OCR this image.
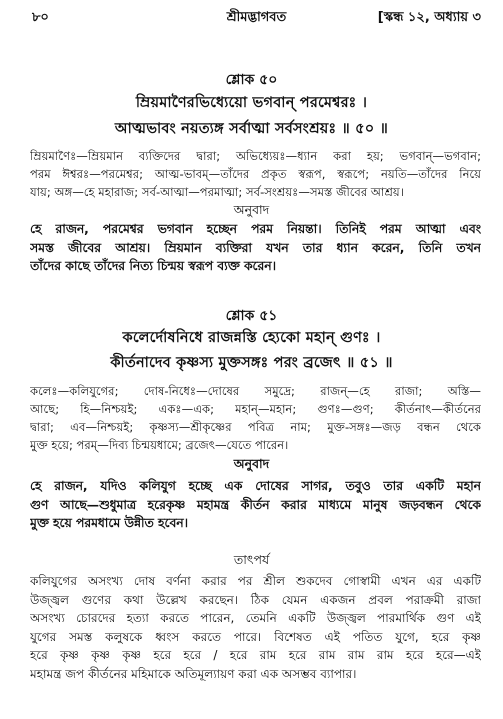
৮০	শ্রীমদ্ভাগবত	[স্কন্ধ ১২, অধ্যায় ৩
শ্লোক ৫০
ম্রিয়মাণৈরভিধ্যেয়ো ভগবান্ পরমেশ্বরঃ ।
আত্মভাবং নয়ত্যঙ্গ সর্বাত্মা সর্বসংশ্রয়ঃ ॥ ৫০ ॥
ম্রিয়মাণৈঃ—ম্রিয়মান ব্যক্তিদের দ্বারা; অভিধ্যেয়ঃ—ধ্যান করা হয়; ভগবান্—ভগবান;
পরম ঈশ্বরঃ—পরমেশ্বর; আত্ম-ভাবম্—তাঁদের প্রকৃত স্বরূপ, স্বরূপে; নয়তি—তাঁদের নিয়ে
যায়; অঙ্গ—হে মহারাজ; সর্ব-আত্মা—পরমাত্মা; সর্ব-সংশ্রয়ঃ—সমস্ত জীবের আশ্রয়।
অনুবাদ
হে রাজন, পরমেশ্বর ভগবান হচ্ছেন পরম নিয়ন্তা। তিনিই পরম আত্মা এবং
সমস্ত জীবের আশ্রয়। ম্রিয়মান ব্যক্তিরা যখন তার ধ্যান করেন, তিনি তখন
তাঁদের কাছে তাঁদের নিত্য চিন্ময় স্বরূপ ব্যক্ত করেন।
শ্লোক ৫১
কলেৰ্দোষনিধে রাজন্নস্তি হ্যেকো মহান্ গুণঃ ।
কীর্তনাদেব কৃষ্ণস্য মুক্তসঙ্গঃ পরং ব্রজেৎ ॥ ৫১ ॥
কলেঃ—কলিযুগের; দোষ-নিধেঃ—দোষের সমুদ্রে; রাজন্—হে রাজা; অস্তি—
আছে; হি—নিশ্চয়ই; একঃ—এক; মহান্—মহান; গুণঃ—গুণ; কীর্তনাৎ—কীর্তনের
দ্বারা; এব—নিশ্চয়ই; কৃষ্ণস্য—শ্রীকৃষ্ণের পবিত্র নাম; মুক্ত-সঙ্গঃ—জড় বন্ধন থেকে
মুক্ত হয়ে; পরম্—দিব্য চিন্ময়ধামে; ব্রজেৎ—যেতে পারেন।
অনুবাদ
হে রাজন, যদিও কলিযুগ হচ্ছে এক দোষের সাগর, তবুও তার একটি মহান
গুণ আছে—শুধুমাত্র হরেকৃষ্ণ মহামন্ত্র কীর্তন করার মাধ্যমে মানুষ জড়বন্ধন থেকে
মুক্ত হয়ে পরমধামে উন্নীত হবেন।
তাৎপর্য
কলিযুগের অসংখ্য দোষ বর্ণনা করার পর শ্রীল শুকদেব গোস্বামী এখন এর একটি
উজ্জ্বল গুণের কথা উল্লেখ করছেন। ঠিক যেমন একজন প্রবল পরাক্রমী রাজা
অসংখ্য চোরদের হত্যা করতে পারেন, তেমনি একটি উজ্জ্বল পারমার্থিক গুণ এই
যুগের সমস্ত কলুষকে ধ্বংস করতে পারে। বিশেষত এই পতিত যুগে, হরে কৃষ্ণ
হরে কৃষ্ণ কৃষ্ণ কৃষ্ণ হরে হরে / হরে রাম হরে রাম রাম রাম হরে হরে—এই
মহামন্ত্র জপ কীর্তনের মহিমাকে অতিমূল্যায়ণ করা এক অসম্ভব ব্যাপার।
